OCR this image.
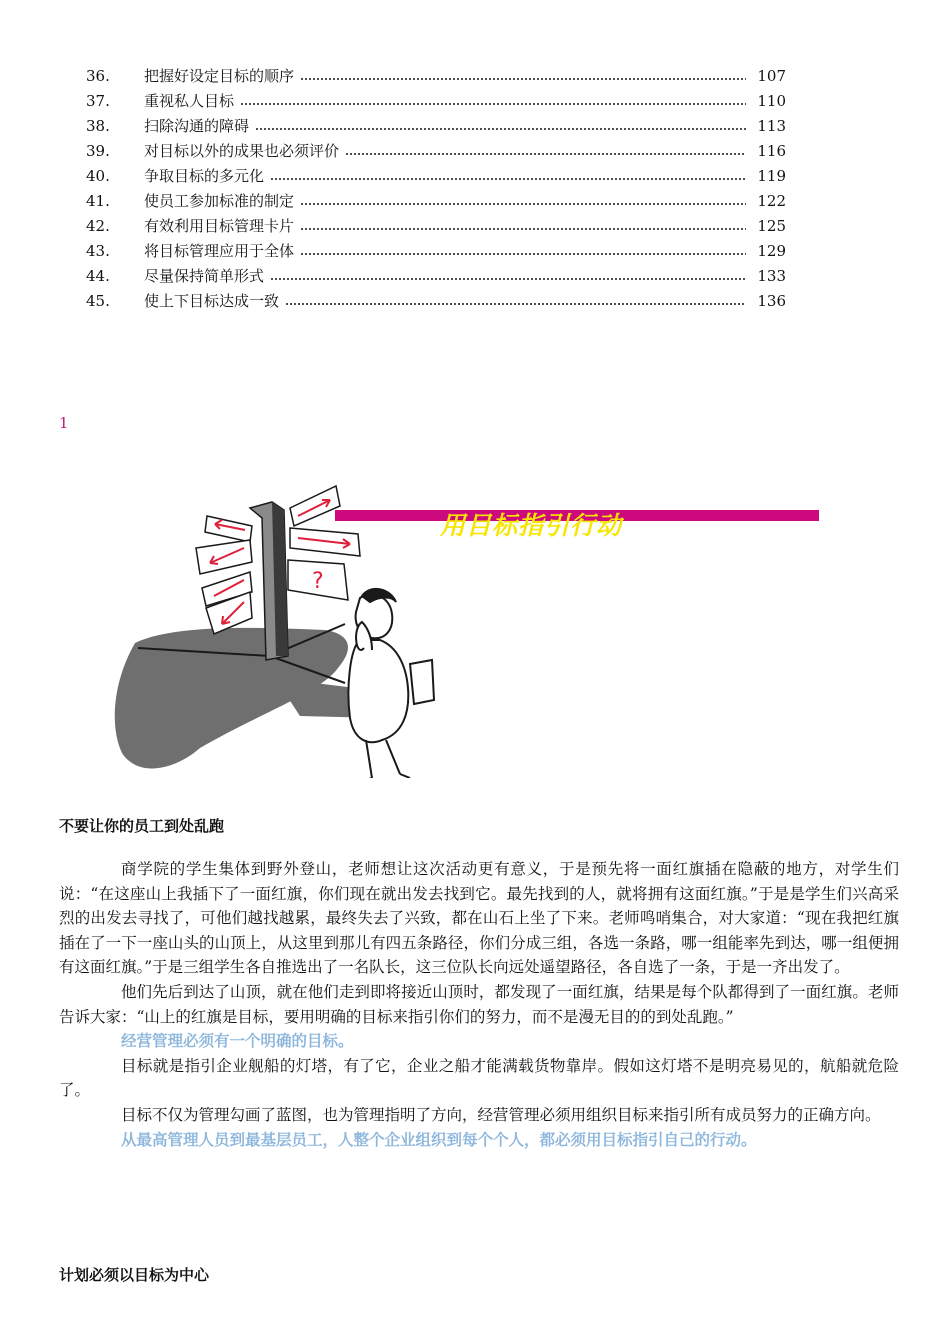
36.	把握好设定目标的顺序	107
37.	重视私人目标	110
38.	扫除沟通的障碍	113
39.	对目标以外的成果也必须评价	116
40.	争取目标的多元化	119
41.	使员工参加标准的制定	122
42.	有效利用目标管理卡片	125
43.	将目标管理应用于全体	129
44.	尽量保持简单形式	133
45.	使上下目标达成一致	136
1
?
用目标指引行动
不要让你的员工到处乱跑

商学院的学生集体到野外登山，老师想让这次活动更有意义，于是预先将一面红旗插在隐蔽的地方，对学生们说：“在这座山上我插下了一面红旗，你们现在就出发去找到它。最先找到的人，就将拥有这面红旗。”于是是学生们兴高采烈的出发去寻找了，可他们越找越累，最终失去了兴致，都在山石上坐了下来。老师鸣哨集合，对大家道：“现在我把红旗插在了一下一座山头的山顶上，从这里到那儿有四五条路径，你们分成三组，各选一条路，哪一组能率先到达，哪一组便拥有这面红旗。”于是三组学生各自推选出了一名队长，这三位队长向远处遥望路径，各自选了一条，于是一齐出发了。

他们先后到达了山顶，就在他们走到即将接近山顶时，都发现了一面红旗，结果是每个队都得到了一面红旗。老师告诉大家：“山上的红旗是目标，要用明确的目标来指引你们的努力，而不是漫无目的的到处乱跑。”

经营管理必须有一个明确的目标。

目标就是指引企业舰船的灯塔，有了它，企业之船才能满载货物靠岸。假如这灯塔不是明亮易见的，航船就危险了。

目标不仅为管理勾画了蓝图，也为管理指明了方向，经营管理必须用组织目标来指引所有成员努力的正确方向。

从最高管理人员到最基层员工，人整个企业组织到每个个人，都必须用目标指引自己的行动。

计划必须以目标为中心
